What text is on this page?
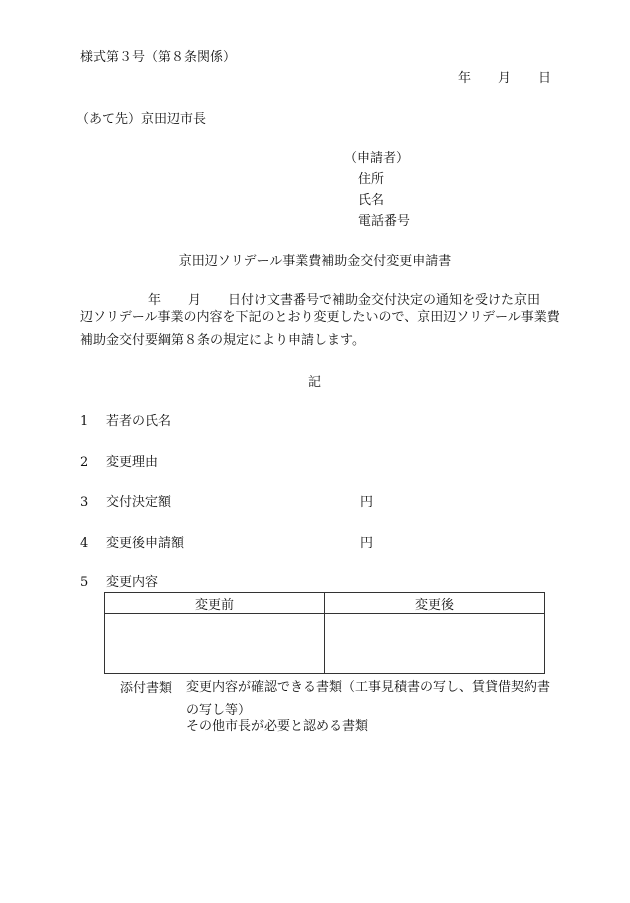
様式第３号（第８条関係）
年 月 日
（あて先）京田辺市長
（申請者）
住所
氏名
電話番号
京田辺ソリデール事業費補助金交付変更申請書
年 月 日付け文書番号で補助金交付決定の通知を受けた京田

辺ソリデール事業の内容を下記のとおり変更したいので、京田辺ソリデール事業費補助金交付要綱第８条の規定により申請します。

記
1 若者の氏名
2 変更理由
3 交付決定額	円
4 変更後申請額	円
5 変更内容
変更前	変更後

添付書類 変更内容が確認できる書類（工事見積書の写し、賃貸借契約書の写し等）

その他市長が必要と認める書類
